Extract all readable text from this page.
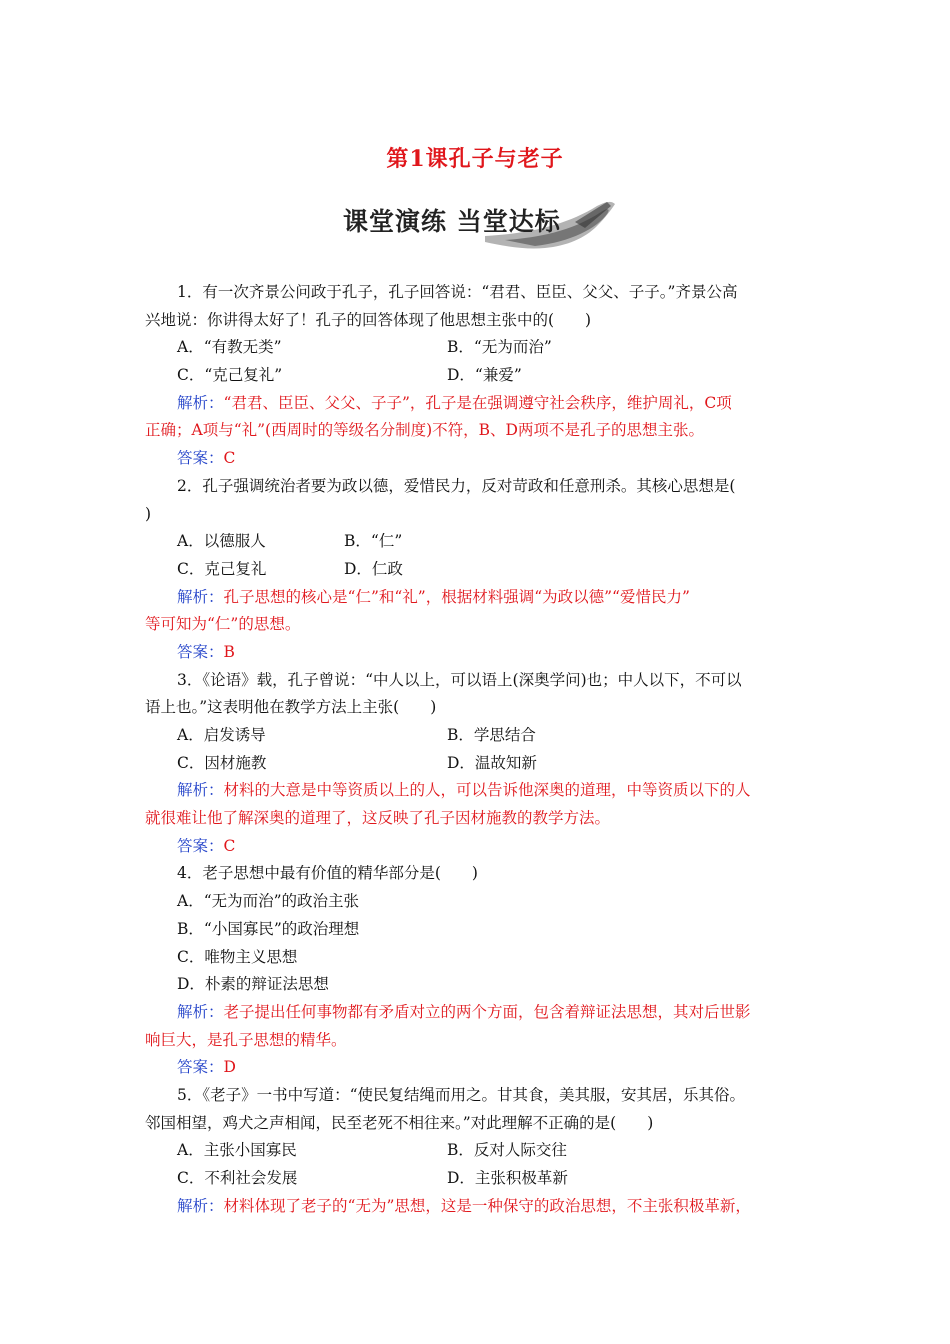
第1课孔子与老子
课堂演练 当堂达标
1．有一次齐景公问政于孔子，孔子回答说：“君君、臣臣、父父、子子。”齐景公高
兴地说：你讲得太好了！孔子的回答体现了他思想主张中的(　　)
A．“有教无类”	B．“无为而治”
C．“克己复礼”	D．“兼爱”
解析：“君君、臣臣、父父、子子”，孔子是在强调遵守社会秩序，维护周礼，C项
正确；A项与“礼”(西周时的等级名分制度)不符，B、D两项不是孔子的思想主张。
答案：C
2．孔子强调统治者要为政以德，爱惜民力，反对苛政和任意刑杀。其核心思想是(
)
A．以德服人	B．“仁”
C．克己复礼	D．仁政
解析：孔子思想的核心是“仁”和“礼”，根据材料强调“为政以德”“爱惜民力”
等可知为“仁”的思想。
答案：B
3．《论语》载，孔子曾说：“中人以上，可以语上(深奥学问)也；中人以下，不可以
语上也。”这表明他在教学方法上主张(　　)
A．启发诱导	B．学思结合
C．因材施教	D．温故知新
解析：材料的大意是中等资质以上的人，可以告诉他深奥的道理，中等资质以下的人
就很难让他了解深奥的道理了，这反映了孔子因材施教的教学方法。
答案：C
4．老子思想中最有价值的精华部分是(　　)
A．“无为而治”的政治主张
B．“小国寡民”的政治理想
C．唯物主义思想
D．朴素的辩证法思想
解析：老子提出任何事物都有矛盾对立的两个方面，包含着辩证法思想，其对后世影
响巨大，是孔子思想的精华。
答案：D
5．《老子》一书中写道：“使民复结绳而用之。甘其食，美其服，安其居，乐其俗。
邻国相望，鸡犬之声相闻，民至老死不相往来。”对此理解不正确的是(　　)
A．主张小国寡民	B．反对人际交往
C．不利社会发展	D．主张积极革新
解析：材料体现了老子的“无为”思想，这是一种保守的政治思想，不主张积极革新，
